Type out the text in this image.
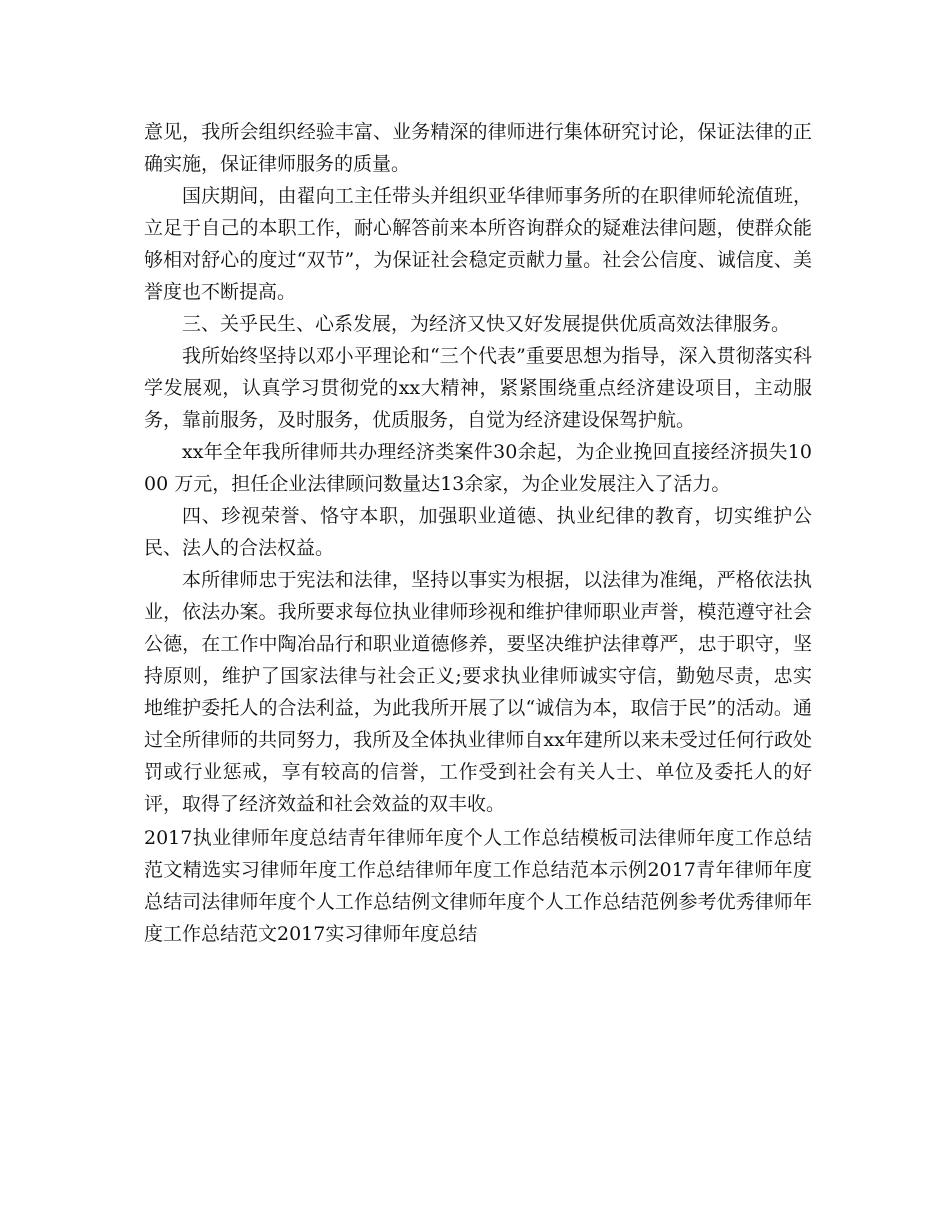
意见，我所会组织经验丰富、业务精深的律师进行集体研究讨论，保证法律的正确实施，保证律师服务的质量。

国庆期间，由翟向工主任带头并组织亚华律师事务所的在职律师轮流值班，立足于自己的本职工作，耐心解答前来本所咨询群众的疑难法律问题，使群众能够相对舒心的度过“双节”，为保证社会稳定贡献力量。社会公信度、诚信度、美誉度也不断提高。

三、关乎民生、心系发展，为经济又快又好发展提供优质高效法律服务。

我所始终坚持以邓小平理论和“三个代表”重要思想为指导，深入贯彻落实科学发展观，认真学习贯彻党的xx大精神，紧紧围绕重点经济建设项目，主动服务，靠前服务，及时服务，优质服务，自觉为经济建设保驾护航。

xx年全年我所律师共办理经济类案件30余起，为企业挽回直接经济损失1000 万元，担任企业法律顾问数量达13余家，为企业发展注入了活力。

四、珍视荣誉、恪守本职，加强职业道德、执业纪律的教育，切实维护公民、法人的合法权益。

本所律师忠于宪法和法律，坚持以事实为根据，以法律为准绳，严格依法执业，依法办案。我所要求每位执业律师珍视和维护律师职业声誉，模范遵守社会公德，在工作中陶冶品行和职业道德修养，要坚决维护法律尊严，忠于职守，坚持原则，维护了国家法律与社会正义;要求执业律师诚实守信，勤勉尽责，忠实地维护委托人的合法利益，为此我所开展了以“诚信为本，取信于民”的活动。通过全所律师的共同努力，我所及全体执业律师自xx年建所以来未受过任何行政处罚或行业惩戒，享有较高的信誉，工作受到社会有关人士、单位及委托人的好评，取得了经济效益和社会效益的双丰收。

2017执业律师年度总结青年律师年度个人工作总结模板司法律师年度工作总结范文精选实习律师年度工作总结律师年度工作总结范本示例2017青年律师年度总结司法律师年度个人工作总结例文律师年度个人工作总结范例参考优秀律师年度工作总结范文2017实习律师年度总结
